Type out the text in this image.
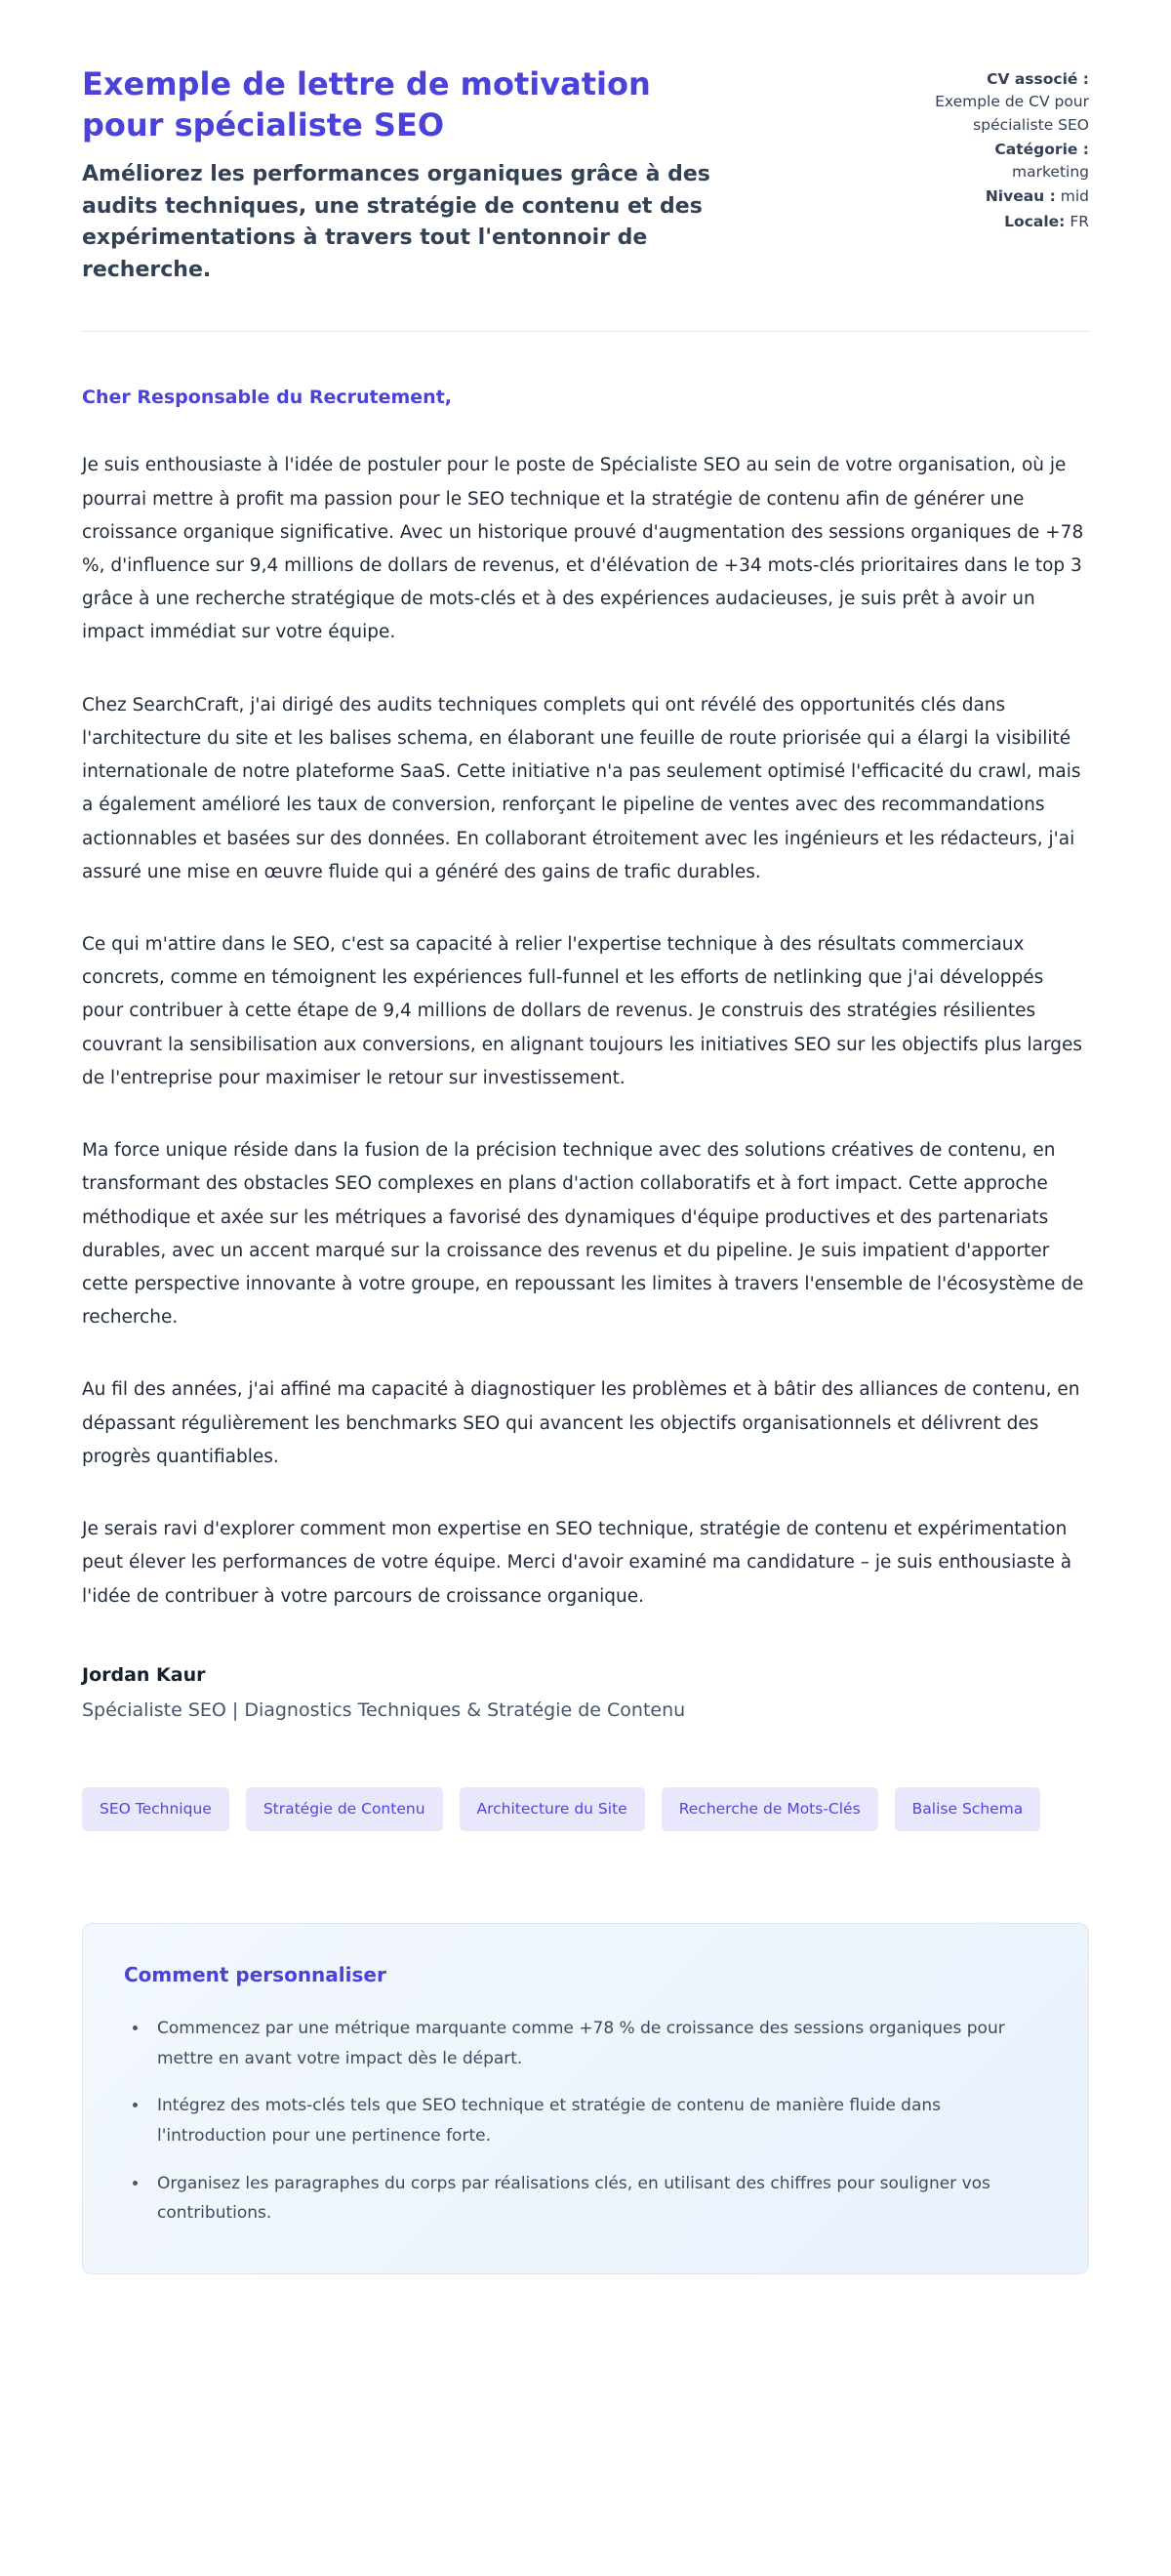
Exemple de lettre de motivation pour spécialiste SEO
Améliorez les performances organiques grâce à des audits techniques, une stratégie de contenu et des expérimentations à travers tout l'entonnoir de recherche.
CV associé :
Exemple de CV pour spécialiste SEO
Catégorie :
marketing
Niveau : mid
Locale: FR

Cher Responsable du Recrutement,

Je suis enthousiaste à l'idée de postuler pour le poste de Spécialiste SEO au sein de votre organisation, où je pourrai mettre à profit ma passion pour le SEO technique et la stratégie de contenu afin de générer une croissance organique significative. Avec un historique prouvé d'augmentation des sessions organiques de +78 %, d'influence sur 9,4 millions de dollars de revenus, et d'élévation de +34 mots-clés prioritaires dans le top 3 grâce à une recherche stratégique de mots-clés et à des expériences audacieuses, je suis prêt à avoir un impact immédiat sur votre équipe.

Chez SearchCraft, j'ai dirigé des audits techniques complets qui ont révélé des opportunités clés dans l'architecture du site et les balises schema, en élaborant une feuille de route priorisée qui a élargi la visibilité internationale de notre plateforme SaaS. Cette initiative n'a pas seulement optimisé l'efficacité du crawl, mais a également amélioré les taux de conversion, renforçant le pipeline de ventes avec des recommandations actionnables et basées sur des données. En collaborant étroitement avec les ingénieurs et les rédacteurs, j'ai assuré une mise en œuvre fluide qui a généré des gains de trafic durables.

Ce qui m'attire dans le SEO, c'est sa capacité à relier l'expertise technique à des résultats commerciaux concrets, comme en témoignent les expériences full-funnel et les efforts de netlinking que j'ai développés pour contribuer à cette étape de 9,4 millions de dollars de revenus. Je construis des stratégies résilientes couvrant la sensibilisation aux conversions, en alignant toujours les initiatives SEO sur les objectifs plus larges de l'entreprise pour maximiser le retour sur investissement.

Ma force unique réside dans la fusion de la précision technique avec des solutions créatives de contenu, en transformant des obstacles SEO complexes en plans d'action collaboratifs et à fort impact. Cette approche méthodique et axée sur les métriques a favorisé des dynamiques d'équipe productives et des partenariats durables, avec un accent marqué sur la croissance des revenus et du pipeline. Je suis impatient d'apporter cette perspective innovante à votre groupe, en repoussant les limites à travers l'ensemble de l'écosystème de recherche.

Au fil des années, j'ai affiné ma capacité à diagnostiquer les problèmes et à bâtir des alliances de contenu, en dépassant régulièrement les benchmarks SEO qui avancent les objectifs organisationnels et délivrent des progrès quantifiables.

Je serais ravi d'explorer comment mon expertise en SEO technique, stratégie de contenu et expérimentation peut élever les performances de votre équipe. Merci d'avoir examiné ma candidature – je suis enthousiaste à l'idée de contribuer à votre parcours de croissance organique.

Jordan Kaur

Spécialiste SEO | Diagnostics Techniques & Stratégie de Contenu

SEO Technique	Stratégie de Contenu	Architecture du Site	Recherche de Mots-Clés	Balise Schema
Comment personnaliser
• Commencez par une métrique marquante comme +78 % de croissance des sessions organiques pour mettre en avant votre impact dès le départ.
• Intégrez des mots-clés tels que SEO technique et stratégie de contenu de manière fluide dans l'introduction pour une pertinence forte.
• Organisez les paragraphes du corps par réalisations clés, en utilisant des chiffres pour souligner vos contributions.
